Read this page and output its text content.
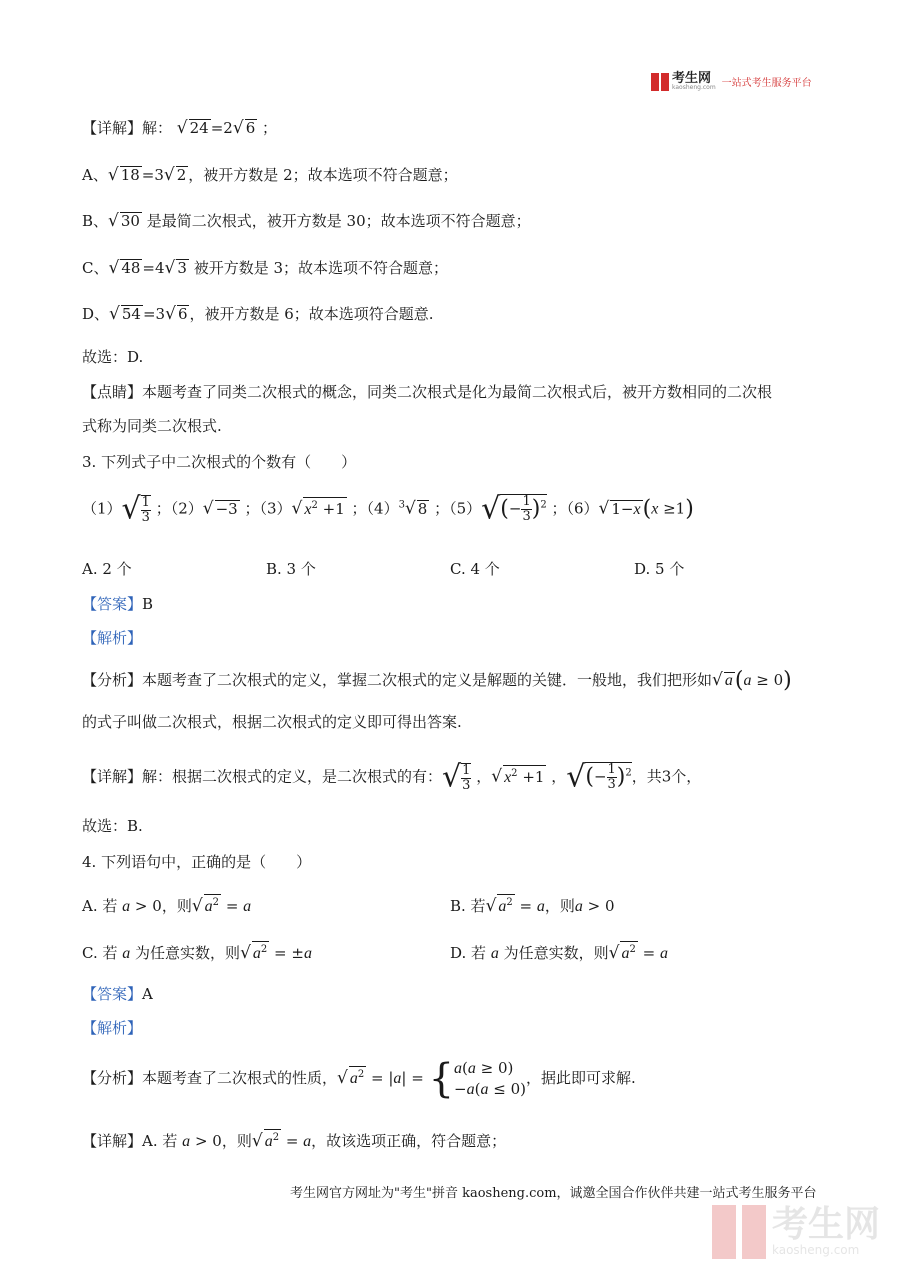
考生网
kaosheng.com 一站式考生服务平台
【详解】解： √ 24 =2√ 6 ；
A、√ 18 =3√ 2 ，被开方数是 2；故本选项不符合题意；
B、√ 30 是最简二次根式，被开方数是 30；故本选项不符合题意；
C、√ 48 =4√ 3 被开方数是 3；故本选项不符合题意；
D、√ 54 =3√ 6 ，被开方数是 6；故本选项符合题意.
故选：D.
【点睛】本题考查了同类二次根式的概念，同类二次根式是化为最简二次根式后，被开方数相同的二次根
式称为同类二次根式.
3. 下列式子中二次根式的个数有（　　）
$(1)√ \frac{1}{3}$ ；（2）√ −3 ；（3）√ $x^2 +1$ ；$(4)^3√$ 8 ；$(5)√(- \frac{1}{3} )^2$ ；（6）√ 1−x(x ≥1)
A. 2 个	B. 3 个	C. 4 个	D. 5 个
【答案】B
【解析】
【分析】本题考查了二次根式的定义，掌握二次根式的定义是解题的关键．一般地，我们把形如√ a(a ≥ 0)
的式子叫做二次根式，根据二次根式的定义即可得出答案.
【详解】解：根据二次根式的定义，是二次根式的有：√ $\frac{1}{3}$ ，√ $x^2 +1$ ，√(− $\frac{1}{3} )^2$，共3个，
故选：B.
4. 下列语句中，正确的是（　　）
A. 若 a > 0，则√ $a^2 = a$	B. 若√ $a^2 = a$，则a > 0
C. 若 a 为任意实数，则√ $a^2 = \pm a$	D. 若 a 为任意实数，则√ $a^2 = a$
【答案】A
【解析】
【分析】本题考查了二次根式的性质，√ $a^2 = |a|$ = { a(a ≥ 0)
−a(a ≤ 0)
，据此即可求解.
【详解】A. 若 a > 0，则√ $a^2 = a$，故该选项正确，符合题意；
考生网官方网址为"考生"拼音 kaosheng.com，诚邀全国合作伙伴共建一站式考生服务平台
考生网
kaosheng.com
